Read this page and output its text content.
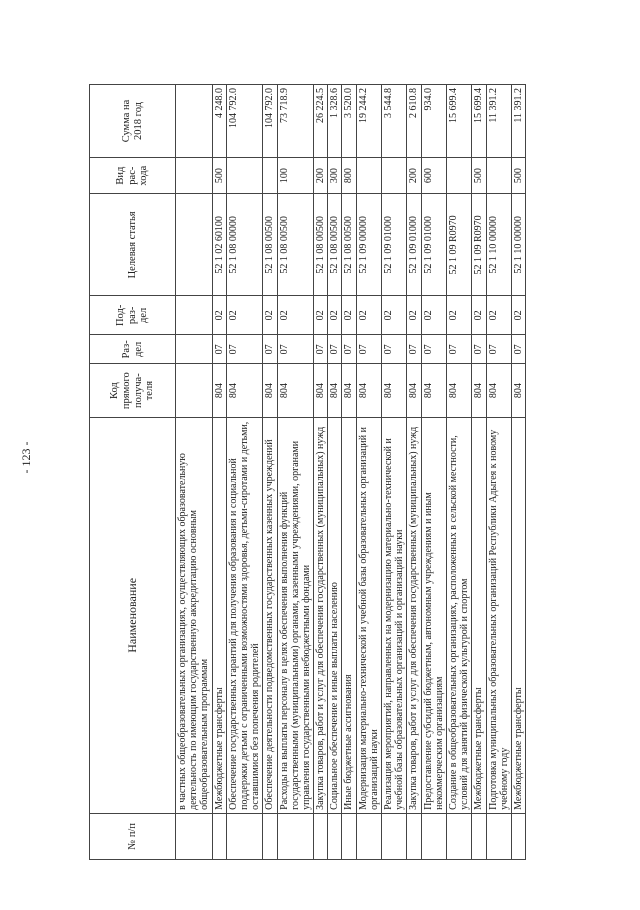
- 123 -
№ п/п	Наименование	Код прямого получа-теля	Раз-дел	Под-раз-дел	Целевая статья	Вид рас-хода	Сумма на 2018 год
	в частных общеобразовательных организациях, осуществляющих образовательную деятельность по имеющим государственную аккредитацию основным общеобразовательным программам						
	Межбюджетные трансферты	804	07	02	52 1 02 60100	500	4 248.0
	Обеспечение государственных гарантий для получения образования и социальной поддержки детьми с ограниченными возможностями здоровья, детьми-сиротами и детьми, оставшимися без попечения родителей	804	07	02	52 1 08 00000		104 792.0
	Обеспечение деятельности подведомственных государственных казенных учреждений	804	07	02	52 1 08 00500		104 792.0
	Расходы на выплаты персоналу в целях обеспечения выполнения функций государственными (муниципальными) органами, казенными учреждениями, органами управления государственными внебюджетными фондами	804	07	02	52 1 08 00500	100	73 718.9
	Закупка товаров, работ и услуг для обеспечения государственных (муниципальных) нужд	804	07	02	52 1 08 00500	200	26 224.5
	Социальное обеспечение и иные выплаты населению	804	07	02	52 1 08 00500	300	1 328.6
	Иные бюджетные ассигнования	804	07	02	52 1 08 00500	800	3 520.0
	Модернизация материально-технической и учебной базы образовательных организаций и организаций науки	804	07	02	52 1 09 00000		19 244.2
	Реализация мероприятий, направленных на модернизацию материально-технической и учебной базы образовательных организаций и организаций науки	804	07	02	52 1 09 01000		3 544.8
	Закупка товаров, работ и услуг для обеспечения государственных (муниципальных) нужд	804	07	02	52 1 09 01000	200	2 610.8
	Предоставление субсидий бюджетным, автономным учреждениям и иным некоммерческим организациям	804	07	02	52 1 09 01000	600	934.0
	Создание в общеобразовательных организациях, расположенных в сельской местности, условий для занятий физической культурой и спортом	804	07	02	52 1 09 R0970		15 699.4
	Межбюджетные трансферты	804	07	02	52 1 09 R0970	500	15 699.4
	Подготовка муниципальных образовательных организаций Республики Адыгея к новому учебному году	804	07	02	52 1 10 00000		11 391.2
	Межбюджетные трансферты	804	07	02	52 1 10 00000	500	11 391.2
